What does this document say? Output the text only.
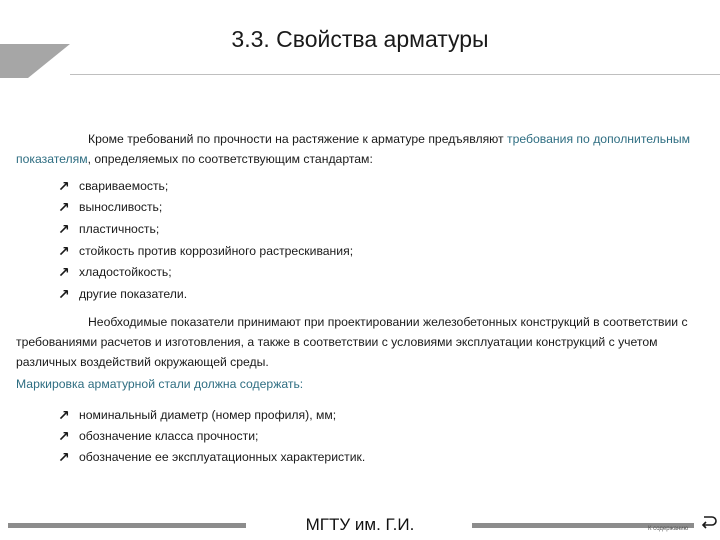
3.3. Свойства арматуры

Кроме требований по прочности на растяжение к арматуре предъявляют требования по дополнительным показателям, определяемых по соответствующим стандартам:

↗ свариваемость;
↗ выносливость;
↗ пластичность;
↗ стойкость против коррозийного растрескивания;
↗ хладостойкость;
↗ другие показатели.

Необходимые показатели принимают при проектировании железобетонных конструкций в соответствии с требованиями расчетов и изготовления, а также в соответствии с условиями эксплуатации конструкций с учетом различных воздействий окружающей среды.

Маркировка арматурной стали должна содержать:

↗ номинальный диаметр (номер профиля), мм;
↗ обозначение класса прочности;
↗ обозначение ее эксплуатационных характеристик.
МГТУ им. Г.И.	К содержанию
